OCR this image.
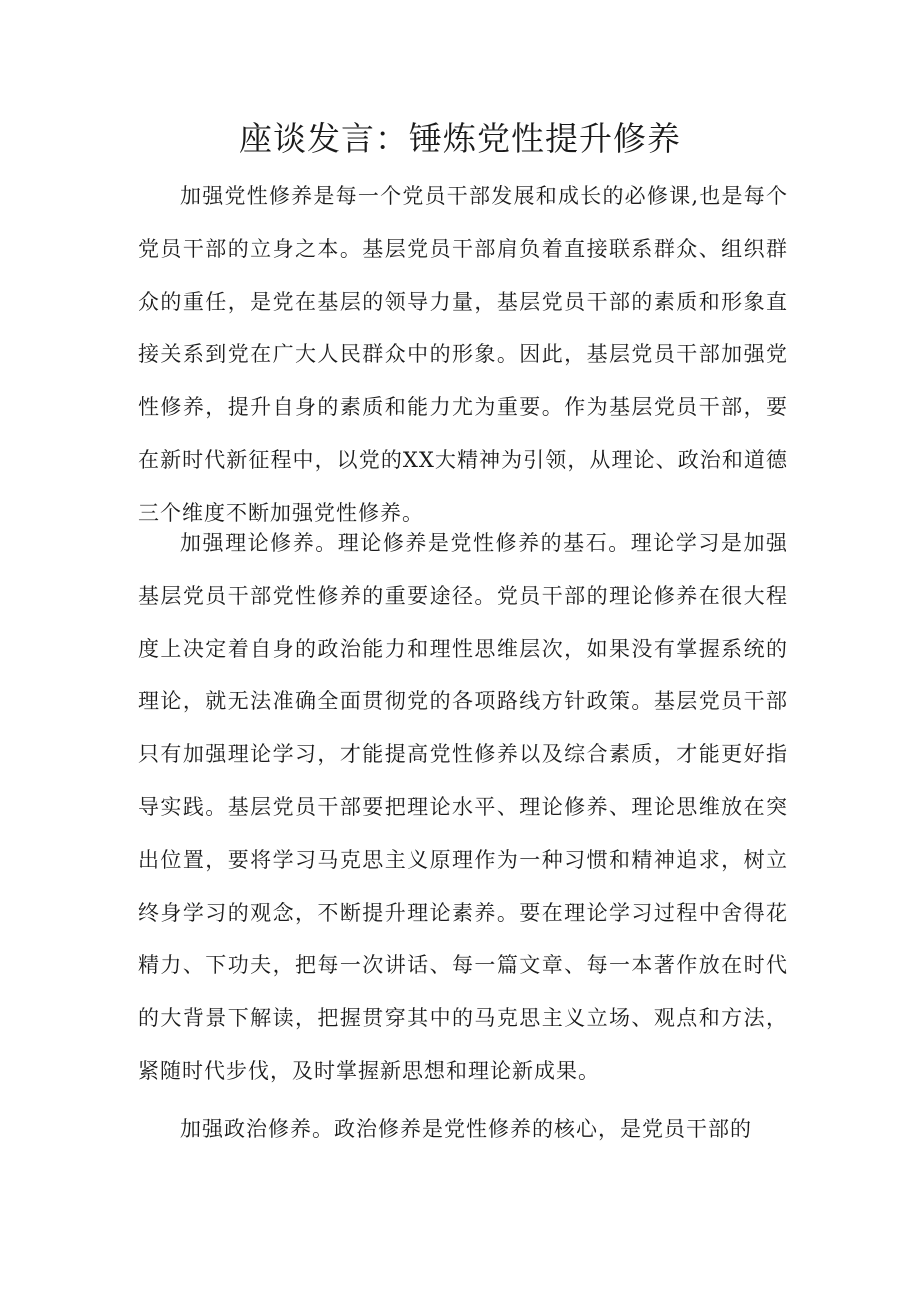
座谈发言：锤炼党性提升修养

加强党性修养是每一个党员干部发展和成长的必修课,也是每个党员干部的立身之本。基层党员干部肩负着直接联系群众、组织群众的重任，是党在基层的领导力量，基层党员干部的素质和形象直接关系到党在广大人民群众中的形象。因此，基层党员干部加强党性修养，提升自身的素质和能力尤为重要。作为基层党员干部，要在新时代新征程中，以党的XX大精神为引领，从理论、政治和道德三个维度不断加强党性修养。

加强理论修养。理论修养是党性修养的基石。理论学习是加强基层党员干部党性修养的重要途径。党员干部的理论修养在很大程度上决定着自身的政治能力和理性思维层次，如果没有掌握系统的理论，就无法准确全面贯彻党的各项路线方针政策。基层党员干部只有加强理论学习，才能提高党性修养以及综合素质，才能更好指导实践。基层党员干部要把理论水平、理论修养、理论思维放在突出位置，要将学习马克思主义原理作为一种习惯和精神追求，树立终身学习的观念，不断提升理论素养。要在理论学习过程中舍得花精力、下功夫，把每一次讲话、每一篇文章、每一本著作放在时代的大背景下解读，把握贯穿其中的马克思主义立场、观点和方法，紧随时代步伐，及时掌握新思想和理论新成果。

加强政治修养。政治修养是党性修养的核心，是党员干部的
